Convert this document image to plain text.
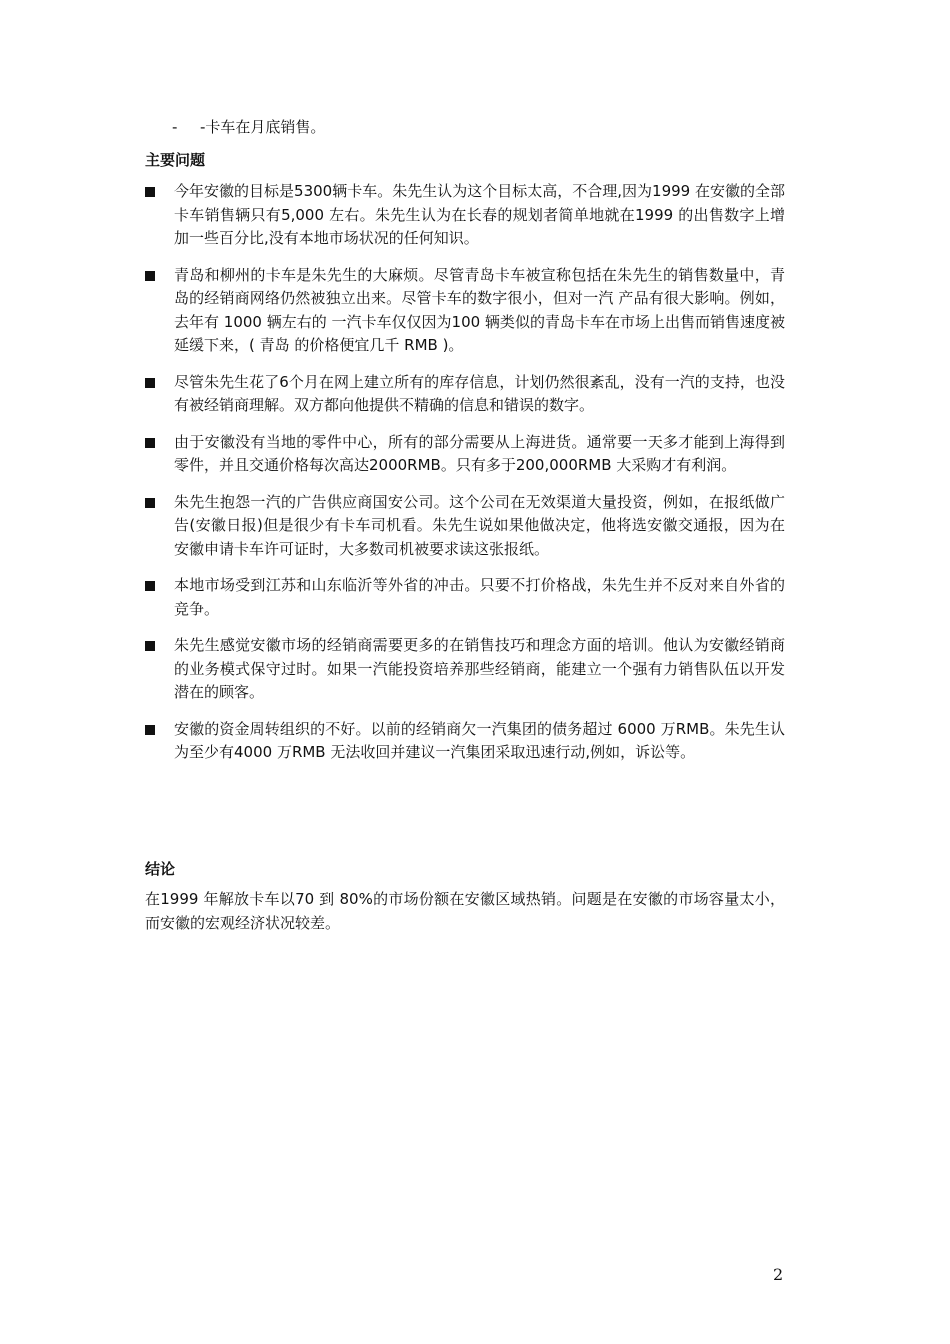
- -卡车在月底销售。
主要问题
今年安徽的目标是5300辆卡车。朱先生认为这个目标太高，不合理,因为1999 在安徽的全部卡车销售辆只有5,000 左右。朱先生认为在长春的规划者简单地就在1999 的出售数字上增加一些百分比,没有本地市场状况的任何知识。
青岛和柳州的卡车是朱先生的大麻烦。尽管青岛卡车被宣称包括在朱先生的销售数量中，青岛的经销商网络仍然被独立出来。尽管卡车的数字很小，但对一汽 产品有很大影响。例如，去年有 1000 辆左右的 一汽卡车仅仅因为100 辆类似的青岛卡车在市场上出售而销售速度被延缓下来，( 青岛 的价格便宜几千 RMB )。
尽管朱先生花了6个月在网上建立所有的库存信息，计划仍然很紊乱，没有一汽的支持，也没有被经销商理解。双方都向他提供不精确的信息和错误的数字。
由于安徽没有当地的零件中心，所有的部分需要从上海进货。通常要一天多才能到上海得到零件，并且交通价格每次高达2000RMB。只有多于200,000RMB 大采购才有利润。
朱先生抱怨一汽的广告供应商国安公司。这个公司在无效渠道大量投资，例如，在报纸做广告(安徽日报)但是很少有卡车司机看。朱先生说如果他做决定，他将选安徽交通报，因为在安徽申请卡车许可证时，大多数司机被要求读这张报纸。
本地市场受到江苏和山东临沂等外省的冲击。只要不打价格战，朱先生并不反对来自外省的竞争。
朱先生感觉安徽市场的经销商需要更多的在销售技巧和理念方面的培训。他认为安徽经销商的业务模式保守过时。如果一汽能投资培养那些经销商，能建立一个强有力销售队伍以开发潜在的顾客。
安徽的资金周转组织的不好。以前的经销商欠一汽集团的债务超过 6000 万RMB。朱先生认为至少有4000 万RMB 无法收回并建议一汽集团采取迅速行动,例如，诉讼等。
结论
在1999 年解放卡车以70 到 80%的市场份额在安徽区域热销。问题是在安徽的市场容量太小，而安徽的宏观经济状况较差。
2
